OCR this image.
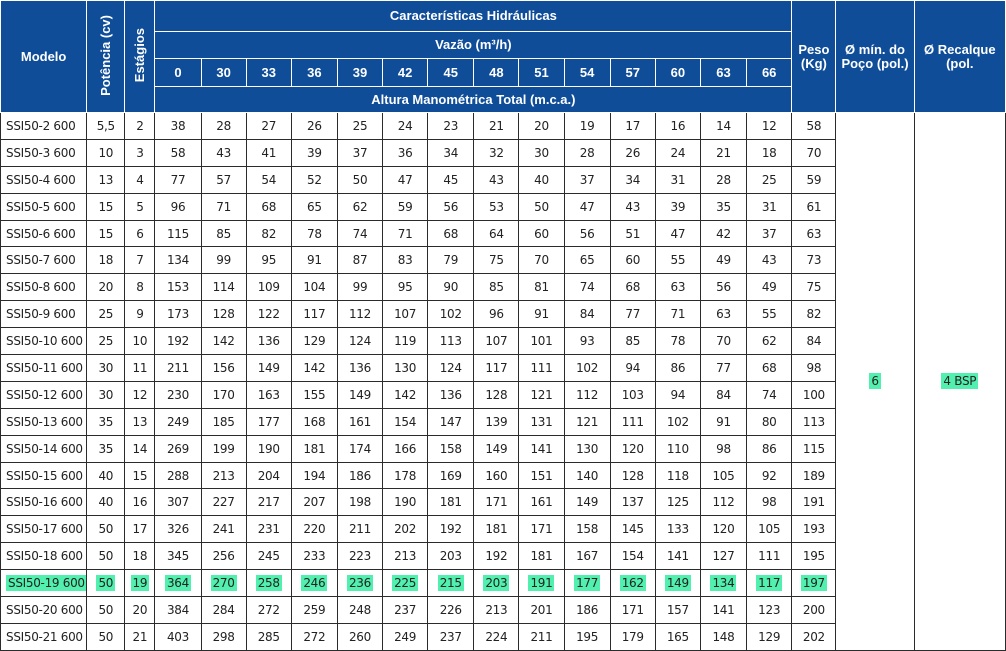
Modelo	Potência (cv)	Estágios	Características Hidráulicas														Peso (Kg)	Ø mín. do Poço (pol.)	Ø Recalque (pol.
			Vazão (m³/h)																
			0	30	33	36	39	42	45	48	51	54	57	60	63	66			
			Altura Manométrica Total (m.c.a.)																
SSI50-2 600	5,5	2	38	28	27	26	25	24	23	21	20	19	17	16	14	12	58	6	4 BSP
SSI50-3 600	10	3	58	43	41	39	37	36	34	32	30	28	26	24	21	18	70		
SSI50-4 600	13	4	77	57	54	52	50	47	45	43	40	37	34	31	28	25	59		
SSI50-5 600	15	5	96	71	68	65	62	59	56	53	50	47	43	39	35	31	61		
SSI50-6 600	15	6	115	85	82	78	74	71	68	64	60	56	51	47	42	37	63		
SSI50-7 600	18	7	134	99	95	91	87	83	79	75	70	65	60	55	49	43	73		
SSI50-8 600	20	8	153	114	109	104	99	95	90	85	81	74	68	63	56	49	75		
SSI50-9 600	25	9	173	128	122	117	112	107	102	96	91	84	77	71	63	55	82		
SSI50-10 600	25	10	192	142	136	129	124	119	113	107	101	93	85	78	70	62	84		
SSI50-11 600	30	11	211	156	149	142	136	130	124	117	111	102	94	86	77	68	98		
SSI50-12 600	30	12	230	170	163	155	149	142	136	128	121	112	103	94	84	74	100		
SSI50-13 600	35	13	249	185	177	168	161	154	147	139	131	121	111	102	91	80	113		
SSI50-14 600	35	14	269	199	190	181	174	166	158	149	141	130	120	110	98	86	115		
SSI50-15 600	40	15	288	213	204	194	186	178	169	160	151	140	128	118	105	92	189		
SSI50-16 600	40	16	307	227	217	207	198	190	181	171	161	149	137	125	112	98	191		
SSI50-17 600	50	17	326	241	231	220	211	202	192	181	171	158	145	133	120	105	193		
SSI50-18 600	50	18	345	256	245	233	223	213	203	192	181	167	154	141	127	111	195		
SSI50-19 600	50	19	364	270	258	246	236	225	215	203	191	177	162	149	134	117	197		
SSI50-20 600	50	20	384	284	272	259	248	237	226	213	201	186	171	157	141	123	200		
SSI50-21 600	50	21	403	298	285	272	260	249	237	224	211	195	179	165	148	129	202		
